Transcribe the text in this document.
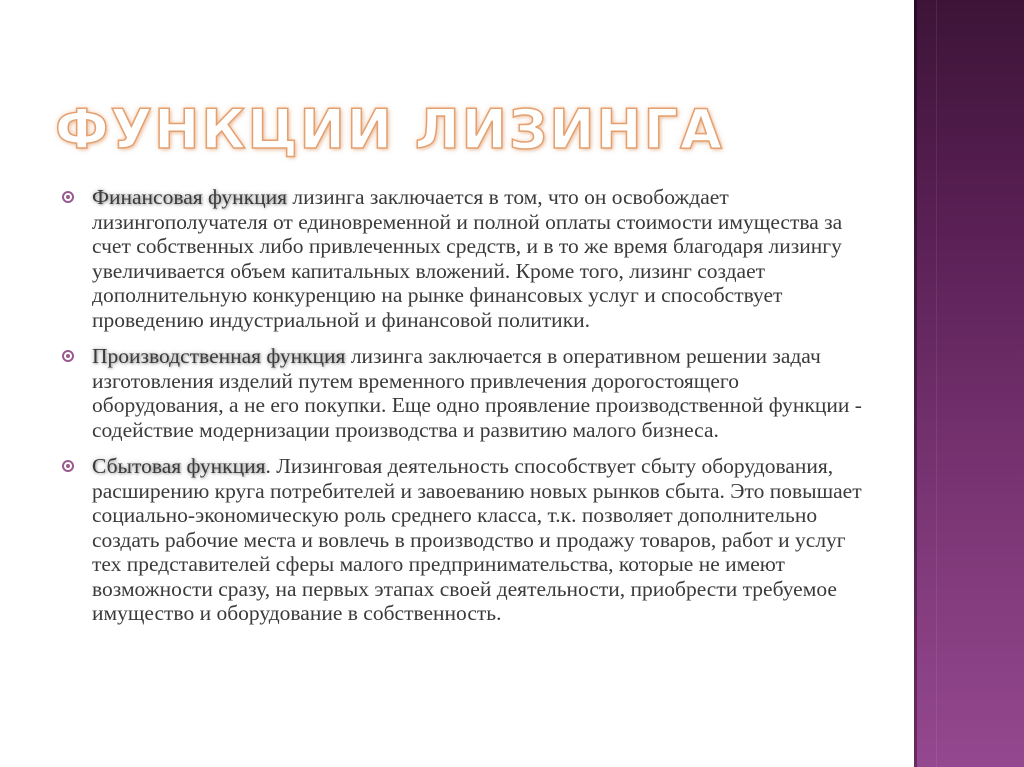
ФУНКЦИИ ЛИЗИНГА
Финансовая функция лизинга заключается в том, что он освобождает лизингополучателя от единовременной и полной оплаты стоимости имущества за счет собственных либо привлеченных средств, и в то же время благодаря лизингу увеличивается объем капитальных вложений. Кроме того, лизинг создает дополнительную конкуренцию на рынке финансовых услуг и способствует проведению индустриальной и финансовой политики.
Производственная функция лизинга заключается в оперативном решении задач изготовления изделий путем временного привлечения дорогостоящего оборудования, а не его покупки. Еще одно проявление производственной функции - содействие модернизации производства и развитию малого бизнеса.
Сбытовая функция. Лизинговая деятельность способствует сбыту оборудования, расширению круга потребителей и завоеванию новых рынков сбыта. Это повышает социально-экономическую роль среднего класса, т.к. позволяет дополнительно создать рабочие места и вовлечь в производство и продажу товаров, работ и услуг тех представителей сферы малого предпринимательства, которые не имеют возможности сразу, на первых этапах своей деятельности, приобрести требуемое имущество и оборудование в собственность.
